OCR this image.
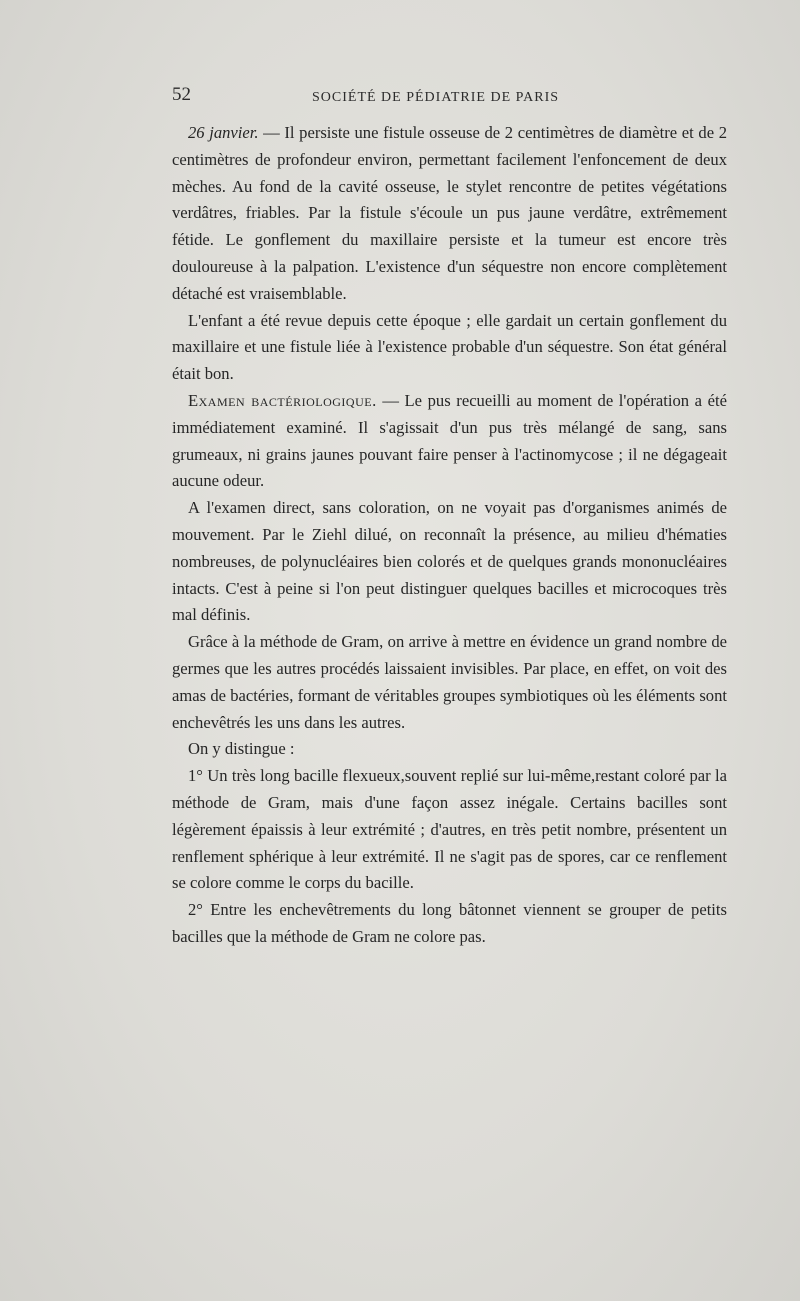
52	SOCIÉTÉ DE PÉDIATRIE DE PARIS

26 janvier. — Il persiste une fistule osseuse de 2 centimètres de diamètre et de 2 centimètres de profondeur environ, permettant facilement l'enfoncement de deux mèches. Au fond de la cavité osseuse, le stylet rencontre de petites végétations verdâtres, friables. Par la fistule s'écoule un pus jaune verdâtre, extrêmement fétide. Le gonflement du maxillaire persiste et la tumeur est encore très douloureuse à la palpation. L'existence d'un séquestre non encore complètement détaché est vraisemblable.

L'enfant a été revue depuis cette époque ; elle gardait un certain gonflement du maxillaire et une fistule liée à l'existence probable d'un séquestre. Son état général était bon.

Examen bactériologique. — Le pus recueilli au moment de l'opération a été immédiatement examiné. Il s'agissait d'un pus très mélangé de sang, sans grumeaux, ni grains jaunes pouvant faire penser à l'actinomycose ; il ne dégageait aucune odeur.

A l'examen direct, sans coloration, on ne voyait pas d'organismes animés de mouvement. Par le Ziehl dilué, on reconnaît la présence, au milieu d'hématies nombreuses, de polynucléaires bien colorés et de quelques grands mononucléaires intacts. C'est à peine si l'on peut distinguer quelques bacilles et microcoques très mal définis.

Grâce à la méthode de Gram, on arrive à mettre en évidence un grand nombre de germes que les autres procédés laissaient invisibles. Par place, en effet, on voit des amas de bactéries, formant de véritables groupes symbiotiques où les éléments sont enchevêtrés les uns dans les autres.

On y distingue :

1° Un très long bacille flexueux,souvent replié sur lui-même,restant coloré par la méthode de Gram, mais d'une façon assez inégale. Certains bacilles sont légèrement épaissis à leur extrémité ; d'autres, en très petit nombre, présentent un renflement sphérique à leur extrémité. Il ne s'agit pas de spores, car ce renflement se colore comme le corps du bacille.

2° Entre les enchevêtrements du long bâtonnet viennent se grouper de petits bacilles que la méthode de Gram ne colore pas.
